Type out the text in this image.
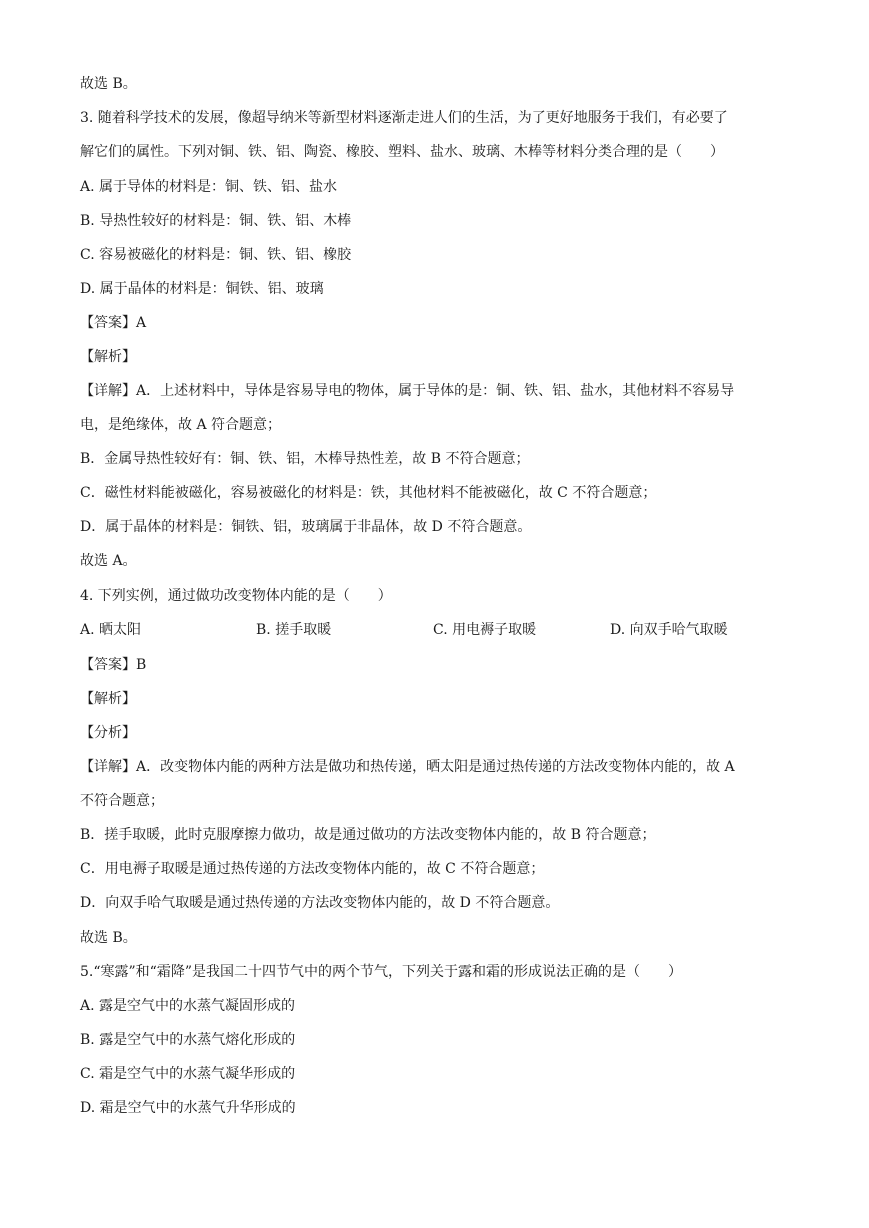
故选 B。
3. 随着科学技术的发展，像超导纳米等新型材料逐渐走进人们的生活，为了更好地服务于我们，有必要了
解它们的属性。下列对铜、铁、铝、陶瓷、橡胶、塑料、盐水、玻璃、木棒等材料分类合理的是（　　）
A. 属于导体的材料是：铜、铁、铝、盐水
B. 导热性较好的材料是：铜、铁、铝、木棒
C. 容易被磁化的材料是：铜、铁、铝、橡胶
D. 属于晶体的材料是：铜铁、铝、玻璃
【答案】A
【解析】
【详解】A．上述材料中，导体是容易导电的物体，属于导体的是：铜、铁、铝、盐水，其他材料不容易导
电，是绝缘体，故 A 符合题意；
B．金属导热性较好有：铜、铁、铝，木棒导热性差，故 B 不符合题意；
C．磁性材料能被磁化，容易被磁化的材料是：铁，其他材料不能被磁化，故 C 不符合题意；
D．属于晶体的材料是：铜铁、铝，玻璃属于非晶体，故 D 不符合题意。
故选 A。
4. 下列实例，通过做功改变物体内能的是（　　）
A. 晒太阳	B. 搓手取暖	C. 用电褥子取暖	D. 向双手哈气取暖
【答案】B
【解析】
【分析】
【详解】A．改变物体内能的两种方法是做功和热传递，晒太阳是通过热传递的方法改变物体内能的，故 A
不符合题意；
B．搓手取暖，此时克服摩擦力做功，故是通过做功的方法改变物体内能的，故 B 符合题意；
C．用电褥子取暖是通过热传递的方法改变物体内能的，故 C 不符合题意；
D．向双手哈气取暖是通过热传递的方法改变物体内能的，故 D 不符合题意。
故选 B。
5.“寒露”和“霜降”是我国二十四节气中的两个节气，下列关于露和霜的形成说法正确的是（　　）
A. 露是空气中的水蒸气凝固形成的
B. 露是空气中的水蒸气熔化形成的
C. 霜是空气中的水蒸气凝华形成的
D. 霜是空气中的水蒸气升华形成的
